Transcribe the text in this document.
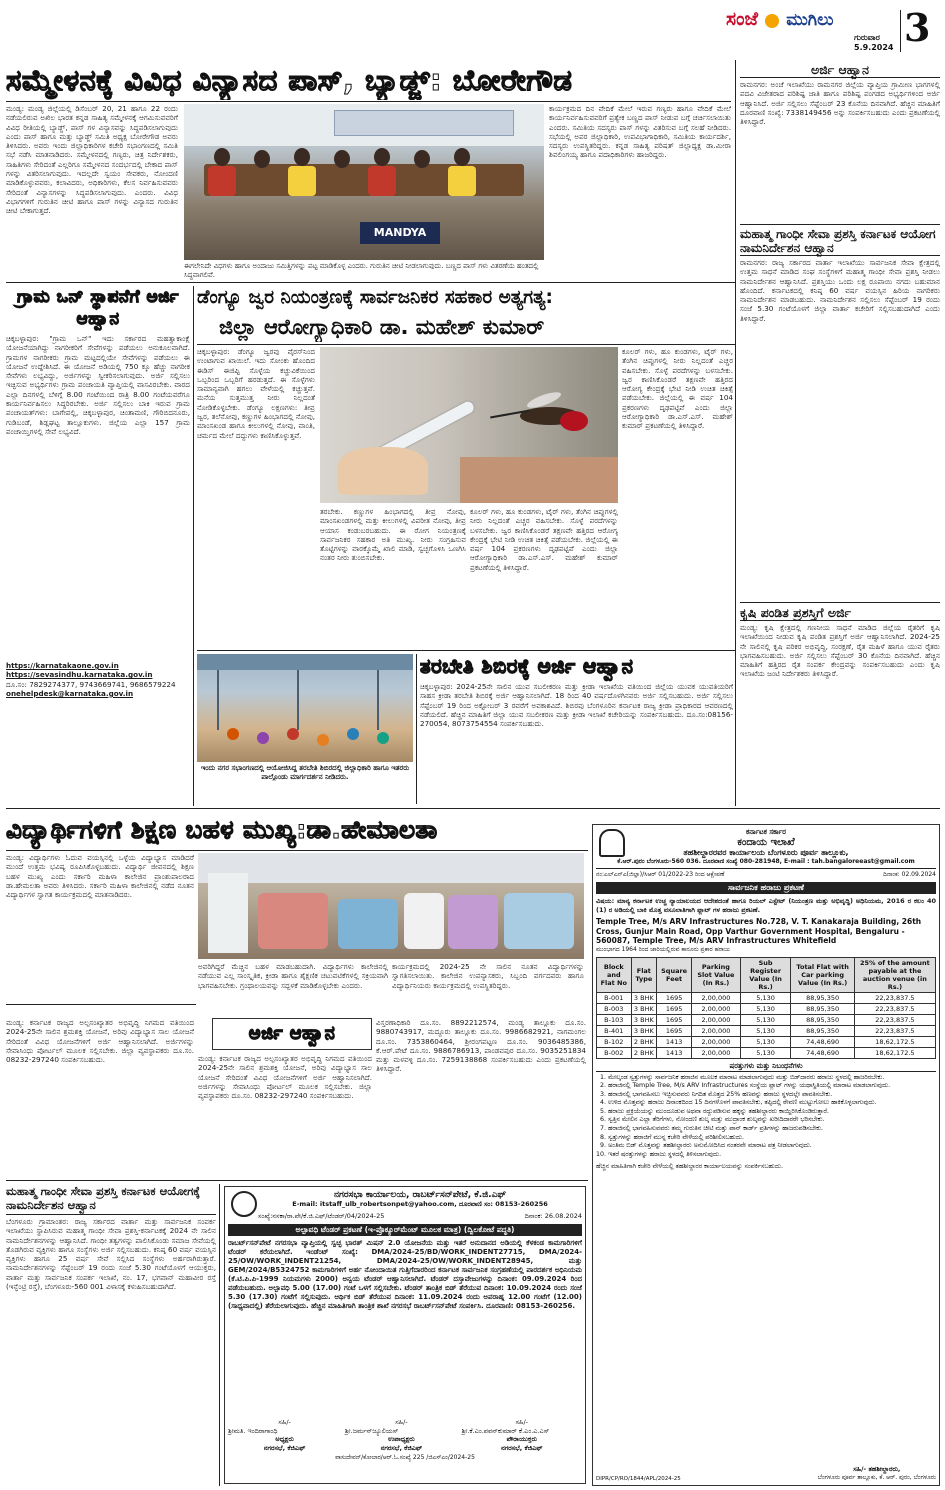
ಸಂಜೆ ಮುಗಿಲು
ಗುರುವಾರ
5.9.2024 3
ಸಮ್ಮೇಳನಕ್ಕೆ ವಿವಿಧ ವಿನ್ಯಾಸದ ಪಾಸ್, ಬ್ಯಾಡ್ಜ್: ಬೋರೇಗೌಡ

ಮಂಡ್ಯ: ಮಂಡ್ಯ ಜಿಲ್ಲೆಯಲ್ಲಿ ಡಿಸೆಂಬರ್ 20, 21 ಹಾಗೂ 22 ರಂದು ನಡೆಯಲಿರುವ ಅಖಿಲ ಭಾರತ ಕನ್ನಡ ಸಾಹಿತ್ಯ ಸಮ್ಮೇಳನಕ್ಕೆ ಆಗಮಿಸುವವರಿಗೆ ವಿವಿಧ ರೀತಿಯಲ್ಲಿ ಬ್ಯಾಡ್ಜ್, ಪಾಸ್ ಗಳ ವಿನ್ಯಾಸವನ್ನು ಸಿದ್ಧಪಡಿಸಲಾಗುವುದು ಎಂದು ಪಾಸ್ ಹಾಗೂ ಮತ್ತು ಬ್ಯಾಡ್ಜ್ ಸಮಿತಿ ಅಧ್ಯಕ್ಷ ಬೋರೇಗೌಡ ಅವರು ತಿಳಿಸಿದರು. ಅವರು ಇಂದು ಜಿಲ್ಲಾಧಿಕಾರಿಗಳ ಕಚೇರಿ ಸಭಾಂಗಣದಲ್ಲಿ ಸಮಿತಿ ಸಭೆ ನಡೆಸಿ ಮಾತನಾಡಿದರು. ಸಮ್ಮೇಳನದಲ್ಲಿ ಗಣ್ಯರು, ಚಿತ್ರ ನಿರ್ದೇಶಕರು, ಸಾಹಿತಿಗಳು ಸೇರಿದಂತೆ ಎಲ್ಲರಿಗೂ ಸಮ್ಮೇಳನದ ಸಂದರ್ಭದಲ್ಲಿ ಬೇಕಾದ ಪಾಸ್ ಗಳನ್ನು ವಿತರಿಸಲಾಗುವುದು. ಇದಲ್ಲದೇ ಸ್ವಯಂ ಸೇವಕರು, ನೋಂದಣಿ ಮಾಡಿಕೊಳ್ಳುವವರು, ಕಲಾವಿದರು, ಅಧಿಕಾರಿಗಳು, ಕೆಲಸ ನಿರ್ವಹಿಸುವವರು ಸೇರಿದಂತೆ ವಿನ್ಯಾಸಗಳನ್ನು ಸಿದ್ಧಪಡಿಸಲಾಗುವುದು. ಎಂದರು. ವಿವಿಧ ವಿಭಾಗಗಳಿಗೆ ಗುರುತಿನ ಚೀಟಿ ಹಾಗೂ ಪಾಸ್ ಗಳನ್ನು ವಿನ್ಯಾಸದ ಗುರುತಿನ ಚೀಟಿ ಬೇಕಾಗುತ್ತದೆ.

MANDYA
ಈಗಲೇನಿದೇ ವಿಧಗಳು ಹಾಗೂ ಅಂದಾಜು ಸಮಿತ್ತಿಗಳನ್ನು ಪಟ್ಟ ಮಾಡಿಕೊಳ್ಳ ಎಂದರು. ಗುರುತಿನ ಚೀಟಿ ನೀಡಲಾಗುವುದು. ಬಣ್ಣದ ಪಾಸ್ ಗಳು ವಿತರಣೆಯ ಹಂತದಲ್ಲಿ ಸಿದ್ಧವಾಗಲಿವೆ.

ಕಾರ್ಯಕ್ರಮದ ದಿನ ವೇದಿಕೆ ಮೇಲೆ ಇರುವ ಗಣ್ಯರು ಹಾಗೂ ವೇದಿಕೆ ಮೇಲೆ ಕಾರ್ಯನಿರ್ವಹಿಸುವವರಿಗೆ ಪ್ರತ್ಯೇಕ ಬಣ್ಣದ ಪಾಸ್ ನೀಡುವ ಬಗ್ಗೆ ಚರ್ಚಿಸಲಾಯಿತು ಎಂದರು. ಸಮಿತಿಯ ಸದಸ್ಯರು ಪಾಸ್ ಗಳನ್ನು ವಿತರಿಸುವ ಬಗ್ಗೆ ಸಲಹೆ ನೀಡಿದರು. ಸಭೆಯಲ್ಲಿ ಅಪರ ಜಿಲ್ಲಾಧಿಕಾರಿ, ಉಪವಿಭಾಗಾಧಿಕಾರಿ, ಸಮಿತಿಯ ಕಾರ್ಯದರ್ಶಿ, ಸದಸ್ಯರು ಉಪಸ್ಥಿತರಿದ್ದರು. ಕನ್ನಡ ಸಾಹಿತ್ಯ ಪರಿಷತ್ ಜಿಲ್ಲಾಧ್ಯಕ್ಷ ಡಾ.ಮೀರಾ ಶಿವಲಿಂಗಯ್ಯ ಹಾಗೂ ಪದಾಧಿಕಾರಿಗಳು ಹಾಜರಿದ್ದರು.

ಅರ್ಜಿ ಆಹ್ವಾನ
ರಾಮನಗರ: ಅಂಚೆ ಇಲಾಖೆಯು ರಾಮನಗರ ಜಿಲ್ಲೆಯ ವ್ಯಾಪ್ತಿಯ ಗ್ರಾಮೀಣ ಭಾಗಗಳಲ್ಲಿ ಪದವಿ ವಿಜೇತರಾದ ಪರಿಶಿಷ್ಟ ಜಾತಿ ಹಾಗೂ ಪರಿಶಿಷ್ಟ ಪಂಗಡದ ಅಭ್ಯರ್ಥಿಗಳಿಂದ ಅರ್ಜಿ ಆಹ್ವಾನಿಸಿದೆ. ಅರ್ಜಿ ಸಲ್ಲಿಸಲು ಸೆಪ್ಟೆಂಬರ್ 23 ಕೊನೆಯ ದಿನವಾಗಿದೆ. ಹೆಚ್ಚಿನ ಮಾಹಿತಿಗೆ ದೂರವಾಣಿ ಸಂಖ್ಯೆ: 7338149456 ಅನ್ನು ಸಂಪರ್ಕಿಸಬಹುದು ಎಂದು ಪ್ರಕಟಣೆಯಲ್ಲಿ ತಿಳಿಸಿದ್ದಾರೆ.
ಮಹಾತ್ಮ ಗಾಂಧೀ ಸೇವಾ ಪ್ರಶಸ್ತಿ ಕರ್ನಾಟಕ ಆಯೋಗ ನಾಮನಿರ್ದೇಶನ ಆಹ್ವಾನ
ರಾಮನಗರ: ರಾಜ್ಯ ಸರ್ಕಾರದ ವಾರ್ತಾ ಇಲಾಖೆಯು ಸಾರ್ವಜನಿಕ ಸೇವಾ ಕ್ಷೇತ್ರದಲ್ಲಿ ಉತ್ತಮ ಸಾಧನೆ ಮಾಡಿದ ಸಂಘ ಸಂಸ್ಥೆಗಳಿಗೆ ಮಹಾತ್ಮ ಗಾಂಧೀ ಸೇವಾ ಪ್ರಶಸ್ತಿ ನೀಡಲು ನಾಮನಿರ್ದೇಶನ ಆಹ್ವಾನಿಸಿದೆ. ಪ್ರಶಸ್ತಿಯು ಒಂದು ಲಕ್ಷ ರೂಪಾಯಿ ನಗದು ಬಹುಮಾನ ಹೊಂದಿದೆ. ಕರ್ನಾಟಕದಲ್ಲಿ ಕನಿಷ್ಠ 60 ವರ್ಷ ವಯಸ್ಸಿನ ಹಿರಿಯ ನಾಗರಿಕರು ನಾಮನಿರ್ದೇಶನ ಮಾಡಬಹುದು. ನಾಮನಿರ್ದೇಶನ ಸಲ್ಲಿಸಲು ಸೆಪ್ಟೆಂಬರ್ 19 ರಂದು ಸಂಜೆ 5.30 ಗಂಟೆಯೊಳಗೆ ಜಿಲ್ಲಾ ವಾರ್ತಾ ಕಚೇರಿಗೆ ಸಲ್ಲಿಸಬಹುದಾಗಿದೆ ಎಂದು ತಿಳಿಸಿದ್ದಾರೆ.
ಕೃಷಿ ಪಂಡಿತ ಪ್ರಶಸ್ತಿಗೆ ಅರ್ಜಿ
ಮಂಡ್ಯ: ಕೃಷಿ ಕ್ಷೇತ್ರದಲ್ಲಿ ಗಣನೀಯ ಸಾಧನೆ ಮಾಡಿದ ಜಿಲ್ಲೆಯ ರೈತರಿಗೆ ಕೃಷಿ ಇಲಾಖೆಯಿಂದ ನೀಡುವ ಕೃಷಿ ಪಂಡಿತ ಪ್ರಶಸ್ತಿಗೆ ಅರ್ಜಿ ಆಹ್ವಾನಿಸಲಾಗಿದೆ. 2024-25 ನೇ ಸಾಲಿನಲ್ಲಿ ಕೃಷಿ ಪರಿಕರ ಅಭಿವೃದ್ಧಿ, ಸಂರಕ್ಷಣೆ, ರೈತ ಮಹಿಳೆ ಹಾಗೂ ಯುವ ರೈತರು ಭಾಗವಹಿಸಬಹುದು. ಅರ್ಜಿ ಸಲ್ಲಿಸಲು ಸೆಪ್ಟೆಂಬರ್ 30 ಕೊನೆಯ ದಿನವಾಗಿದೆ. ಹೆಚ್ಚಿನ ಮಾಹಿತಿಗೆ ಹತ್ತಿರದ ರೈತ ಸಂಪರ್ಕ ಕೇಂದ್ರವನ್ನು ಸಂಪರ್ಕಿಸಬಹುದು ಎಂದು ಕೃಷಿ ಇಲಾಖೆಯ ಜಂಟಿ ನಿರ್ದೇಶಕರು ತಿಳಿಸಿದ್ದಾರೆ.
ಗ್ರಾಮ ಒನ್ ಸ್ಥಾಪನೆಗೆ ಅರ್ಜಿ ಆಹ್ವಾನ
ಚಿಕ್ಕಬಳ್ಳಾಪುರ: "ಗ್ರಾಮ ಒನ್" ಇದು ಸರ್ಕಾರದ ಮಹತ್ವಾಕಾಂಕ್ಷೆ ಯೋಜನೆಯಾಗಿದ್ದು ನಾಗರೀಕರಿಗೆ ಸೇವೆಗಳನ್ನು ಪಡೆಯಲು ಅನುಕೂಲವಾಗಿದೆ. ಗ್ರಾಮಗಳ ನಾಗರೀಕರು ಗ್ರಾಮ ಮಟ್ಟದಲ್ಲಿಯೇ ಸೇವೆಗಳನ್ನು ಪಡೆಯಲು ಈ ಯೋಜನೆ ಉದ್ದೇಶಿಸಿದೆ. ಈ ಯೋಜನೆ ಅಡಿಯಲ್ಲಿ 750 ಕ್ಕೂ ಹೆಚ್ಚು ನಾಗರೀಕ ಸೇವೆಗಳು ಲಭ್ಯವಿದ್ದು, ಅರ್ಜಿಗಳನ್ನು ಸ್ವೀಕರಿಸಲಾಗುವುದು. ಅರ್ಜಿ ಸಲ್ಲಿಸಲು ಇಚ್ಛಿಸುವ ಅಭ್ಯರ್ಥಿಗಳು ಗ್ರಾಮ ಪಂಚಾಯತಿ ವ್ಯಾಪ್ತಿಯಲ್ಲಿ ವಾಸವಿರಬೇಕು. ವಾರದ ಎಲ್ಲಾ ದಿನಗಳಲ್ಲಿ ಬೆಳಿಗ್ಗೆ 8.00 ಗಂಟೆಯಿಂದ ರಾತ್ರಿ 8.00 ಗಂಟೆಯವರೆಗೂ ಕಾರ್ಯನಿರ್ವಹಿಸಲು ಸಿದ್ಧರಿರಬೇಕು. ಅರ್ಜಿ ಸಲ್ಲಿಸಲು ಬಾಕಿ ಇರುವ ಗ್ರಾಮ ಪಂಚಾಯತ್‌ಗಳು: ಬಾಗೇಪಲ್ಲಿ, ಚಿಕ್ಕಬಳ್ಳಾಪುರ, ಚಿಂತಾಮಣಿ, ಗೌರಿಬಿದನೂರು, ಗುಡಿಬಂಡೆ, ಶಿಡ್ಲಘಟ್ಟ ತಾಲ್ಲೂಕುಗಳು. ಜಿಲ್ಲೆಯ ಎಲ್ಲಾ 157 ಗ್ರಾಮ ಪಂಚಾಯ್ತಿಗಳಲ್ಲಿ ಸೇವೆ ಲಭ್ಯವಿದೆ.
https://karnatakaone.gov.in
https://sevasindhu.karnataka.gov.in
ದೂ.ಸಂ: 7829274377, 9743669741, 9686579224
onehelpdesk@karnataka.gov.in
ಡೆಂಗ್ಯೂ ಜ್ವರ ನಿಯಂತ್ರಣಕ್ಕೆ ಸಾರ್ವಜನಿಕರ ಸಹಕಾರ ಅತ್ಯಗತ್ಯ:
ಜಿಲ್ಲಾ ಆರೋಗ್ಯಾಧಿಕಾರಿ ಡಾ. ಮಹೇಶ್ ಕುಮಾರ್

ಚಿಕ್ಕಬಳ್ಳಾಪುರ: ಡೆಂಗ್ಯೂ ಜ್ವರವು ವೈರಸ್‌ನಿಂದ ಉಂಟಾಗುವ ಖಾಯಿಲೆ. ಇದು ಸೋಂಕು ಹೊಂದಿದ ಈಡಿಸ್ ಈಜಿಪ್ಟಿ ಸೊಳ್ಳೆಯ ಕಚ್ಚುವಿಕೆಯಿಂದ ಒಬ್ಬರಿಂದ ಒಬ್ಬರಿಗೆ ಹರಡುತ್ತದೆ. ಈ ಸೊಳ್ಳೆಗಳು ಸಾಮಾನ್ಯವಾಗಿ ಹಗಲು ವೇಳೆಯಲ್ಲಿ ಕಚ್ಚುತ್ತವೆ. ಮನೆಯ ಸುತ್ತಮುತ್ತ ನೀರು ನಿಲ್ಲದಂತೆ ನೋಡಿಕೊಳ್ಳಬೇಕು. ಡೆಂಗ್ಯೂ ಲಕ್ಷಣಗಳು: ತೀವ್ರ ಜ್ವರ, ತಲೆನೋವು, ಕಣ್ಣುಗಳ ಹಿಂಭಾಗದಲ್ಲಿ ನೋವು, ಮಾಂಸಖಂಡ ಹಾಗೂ ಕೀಲುಗಳಲ್ಲಿ ನೋವು, ವಾಂತಿ, ಚರ್ಮದ ಮೇಲೆ ದದ್ದುಗಳು ಕಾಣಿಸಿಕೊಳ್ಳುತ್ತವೆ.

ತರಬೇಕು. ಕಣ್ಣುಗಳ ಹಿಂಭಾಗದಲ್ಲಿ ತೀವ್ರ ನೋವು, ಮಾಂಸಖಂಡಗಳಲ್ಲಿ ಮತ್ತು ಕೀಲುಗಳಲ್ಲಿ ವಿಪರೀತ ನೋವು, ತೀವ್ರ ಆಯಾಸ ಕಂಡುಬರಬಹುದು. ಈ ರೋಗ ನಿಯಂತ್ರಣಕ್ಕೆ ಸಾರ್ವಜನಿಕರ ಸಹಕಾರ ಅತಿ ಮುಖ್ಯ. ನೀರು ಸಂಗ್ರಹಿಸುವ ತೊಟ್ಟಿಗಳನ್ನು ವಾರಕ್ಕೊಮ್ಮೆ ಖಾಲಿ ಮಾಡಿ, ಸ್ವಚ್ಛಗೊಳಿಸಿ ಒಣಗಿಸಿ ನಂತರ ನೀರು ತುಂಬಿಸಬೇಕು.

ಕೂಲರ್ ಗಳು, ಹೂ ಕುಂಡಗಳು, ಟೈರ್ ಗಳು, ತೆಂಗಿನ ಚಿಪ್ಪುಗಳಲ್ಲಿ ನೀರು ನಿಲ್ಲದಂತೆ ಎಚ್ಚರ ವಹಿಸಬೇಕು. ಸೊಳ್ಳೆ ಪರದೆಗಳನ್ನು ಬಳಸಬೇಕು. ಜ್ವರ ಕಾಣಿಸಿಕೊಂಡರೆ ತಕ್ಷಣವೇ ಹತ್ತಿರದ ಆರೋಗ್ಯ ಕೇಂದ್ರಕ್ಕೆ ಭೇಟಿ ನೀಡಿ ಉಚಿತ ಚಿಕಿತ್ಸೆ ಪಡೆಯಬೇಕು. ಜಿಲ್ಲೆಯಲ್ಲಿ ಈ ವರ್ಷ 104 ಪ್ರಕರಣಗಳು ದೃಢಪಟ್ಟಿವೆ ಎಂದು ಜಿಲ್ಲಾ ಆರೋಗ್ಯಾಧಿಕಾರಿ ಡಾ.ಎಸ್.ಎಸ್. ಮಹೇಶ್ ಕುಮಾರ್ ಪ್ರಕಟಣೆಯಲ್ಲಿ ತಿಳಿಸಿದ್ದಾರೆ.

ಕೂಲರ್ ಗಳು, ಹೂ ಕುಂಡಗಳು, ಟೈರ್ ಗಳು, ತೆಂಗಿನ ಚಿಪ್ಪುಗಳಲ್ಲಿ ನೀರು ನಿಲ್ಲದಂತೆ ಎಚ್ಚರ ವಹಿಸಬೇಕು. ಸೊಳ್ಳೆ ಪರದೆಗಳನ್ನು ಬಳಸಬೇಕು. ಜ್ವರ ಕಾಣಿಸಿಕೊಂಡರೆ ತಕ್ಷಣವೇ ಹತ್ತಿರದ ಆರೋಗ್ಯ ಕೇಂದ್ರಕ್ಕೆ ಭೇಟಿ ನೀಡಿ ಉಚಿತ ಚಿಕಿತ್ಸೆ ಪಡೆಯಬೇಕು. ಜಿಲ್ಲೆಯಲ್ಲಿ ಈ ವರ್ಷ 104 ಪ್ರಕರಣಗಳು ದೃಢಪಟ್ಟಿವೆ ಎಂದು ಜಿಲ್ಲಾ ಆರೋಗ್ಯಾಧಿಕಾರಿ ಡಾ.ಎಸ್.ಎಸ್. ಮಹೇಶ್ ಕುಮಾರ್ ಪ್ರಕಟಣೆಯಲ್ಲಿ ತಿಳಿಸಿದ್ದಾರೆ.

ಇಂದು ನಗರ ಸಭಾಂಗಣದಲ್ಲಿ ಆಯೋಜಿಸಿದ್ದ ತರಬೇತಿ ಶಿಬಿರದಲ್ಲಿ ಜಿಲ್ಲಾಧಿಕಾರಿ ಹಾಗೂ ಇತರರು ಪಾಲ್ಗೊಂಡು ಮಾರ್ಗದರ್ಶನ ನೀಡಿದರು.
ತರಬೇತಿ ಶಿಬಿರಕ್ಕೆ ಅರ್ಜಿ ಆಹ್ವಾನ
ಚಿಕ್ಕಬಳ್ಳಾಪುರ: 2024-25ನೇ ಸಾಲಿನ ಯುವ ಸಬಲೀಕರಣ ಮತ್ತು ಕ್ರೀಡಾ ಇಲಾಖೆಯ ವತಿಯಿಂದ ಜಿಲ್ಲೆಯ ಯುವಕ ಯುವತಿಯರಿಗೆ ಸಾಹಸ ಕ್ರೀಡಾ ತರಬೇತಿ ಶಿಬಿರಕ್ಕೆ ಅರ್ಜಿ ಆಹ್ವಾನಿಸಲಾಗಿದೆ. 18 ರಿಂದ 40 ವರ್ಷದೊಳಗಿನವರು ಅರ್ಜಿ ಸಲ್ಲಿಸಬಹುದು. ಅರ್ಜಿ ಸಲ್ಲಿಸಲು ಸೆಪ್ಟೆಂಬರ್ 19 ರಿಂದ ಅಕ್ಟೋಬರ್ 3 ರವರೆಗೆ ಅವಕಾಶವಿದೆ. ಶಿಬಿರವು ಬೆಂಗಳೂರಿನ ಕರ್ನಾಟಕ ರಾಜ್ಯ ಕ್ರೀಡಾ ಪ್ರಾಧಿಕಾರದ ಆವರಣದಲ್ಲಿ ನಡೆಯಲಿದೆ. ಹೆಚ್ಚಿನ ಮಾಹಿತಿಗೆ ಜಿಲ್ಲಾ ಯುವ ಸಬಲೀಕರಣ ಮತ್ತು ಕ್ರೀಡಾ ಇಲಾಖೆ ಕಚೇರಿಯನ್ನು ಸಂಪರ್ಕಿಸಬಹುದು. ದೂ.ಸಂ:08156-270054, 8073754554 ಸಂಪರ್ಕಿಸಬಹುದು.
ವಿದ್ಯಾರ್ಥಿಗಳಿಗೆ ಶಿಕ್ಷಣ ಬಹಳ ಮುಖ್ಯ:ಡಾ.ಹೇಮಾಲತಾ

ಮಂಡ್ಯ: ವಿದ್ಯಾರ್ಥಿಗಳು ಓದುವ ವಯಸ್ಸಿನಲ್ಲಿ ಒಳ್ಳೆಯ ವಿದ್ಯಾಭ್ಯಾಸ ಮಾಡಿದರೆ ಮುಂದೆ ಉತ್ತಮ ಭವಿಷ್ಯ ರೂಪಿಸಿಕೊಳ್ಳಬಹುದು. ವಿದ್ಯಾರ್ಥಿ ಜೀವನದಲ್ಲಿ ಶಿಕ್ಷಣ ಬಹಳ ಮುಖ್ಯ ಎಂದು ಸರ್ಕಾರಿ ಮಹಿಳಾ ಕಾಲೇಜಿನ ಪ್ರಾಂಶುಪಾಲರಾದ ಡಾ.ಹೇಮಲತಾ ಅವರು ತಿಳಿಸಿದರು. ಸರ್ಕಾರಿ ಮಹಿಳಾ ಕಾಲೇಜಿನಲ್ಲಿ ನಡೆದ ನೂತನ ವಿದ್ಯಾರ್ಥಿಗಳ ಸ್ವಾಗತ ಕಾರ್ಯಕ್ರಮದಲ್ಲಿ ಮಾತನಾಡಿದರು.

ಅವರಿಗಿದ್ದರೆ ಮೆಚ್ಚಿನ ಬಹಳ ಮಾಡಬಹುದಾಗಿ. ವಿದ್ಯಾರ್ಥಿಗಳು ಕಾಲೇಜಿನಲ್ಲಿ ನಡೆಯುವ ಎಲ್ಲ ಸಾಂಸ್ಕೃತಿಕ, ಕ್ರೀಡಾ ಹಾಗೂ ಶೈಕ್ಷಣಿಕ ಚಟುವಟಿಕೆಗಳಲ್ಲಿ ಸಕ್ರಿಯವಾಗಿ ಭಾಗವಹಿಸಬೇಕು. ಗ್ರಂಥಾಲಯವನ್ನು ಸದ್ಬಳಕೆ ಮಾಡಿಕೊಳ್ಳಬೇಕು ಎಂದರು.

ಕಾರ್ಯಕ್ರಮದಲ್ಲಿ 2024-25 ನೇ ಸಾಲಿನ ನೂತನ ವಿದ್ಯಾರ್ಥಿಗಳನ್ನು ಸ್ವಾಗತಿಸಲಾಯಿತು. ಕಾಲೇಜಿನ ಉಪನ್ಯಾಸಕರು, ಸಿಬ್ಬಂದಿ ವರ್ಗದವರು ಹಾಗೂ ವಿದ್ಯಾರ್ಥಿನಿಯರು ಕಾರ್ಯಕ್ರಮದಲ್ಲಿ ಉಪಸ್ಥಿತರಿದ್ದರು.

ಮಂಡ್ಯ: ಕರ್ನಾಟಕ ರಾಜ್ಯದ ಅಲ್ಪಸಂಖ್ಯಾತರ ಅಭಿವೃದ್ಧಿ ನಿಗಮದ ವತಿಯಿಂದ 2024-25ನೇ ಸಾಲಿನ ಶ್ರಮಶಕ್ತಿ ಯೋಜನೆ, ಅರಿವು ವಿದ್ಯಾಭ್ಯಾಸ ಸಾಲ ಯೋಜನೆ ಸೇರಿದಂತೆ ವಿವಿಧ ಯೋಜನೆಗಳಿಗೆ ಅರ್ಜಿ ಆಹ್ವಾನಿಸಲಾಗಿದೆ. ಅರ್ಜಿಗಳನ್ನು ಸೇವಾಸಿಂಧು ಪೋರ್ಟಲ್ ಮೂಲಕ ಸಲ್ಲಿಸಬೇಕು. ಜಿಲ್ಲಾ ವ್ಯವಸ್ಥಾಪಕರು ದೂ.ಸಂ. 08232-297240 ಸಂಪರ್ಕಿಸಬಹುದು.

ಅರ್ಜಿ ಆಹ್ವಾನ

ವಿಸ್ತರಣಾಧಿಕಾರಿ ದೂ.ಸಂ. 8892212574, ಮಂಡ್ಯ ತಾಲ್ಲೂಕು ದೂ.ಸಂ. 9880743917, ಮದ್ದೂರು ತಾಲ್ಲೂಕು ದೂ.ಸಂ. 9986682921, ನಾಗಮಂಗಲ ದೂ.ಸಂ. 7353860464, ಶ್ರೀರಂಗಪಟ್ಟಣ ದೂ.ಸಂ. 9036485386, ಕೆ.ಆರ್.ಪೇಟೆ ದೂ.ಸಂ. 9886786913, ಪಾಂಡವಪುರ ದೂ.ಸಂ. 9035251834 ಮತ್ತು ಮಳವಳ್ಳಿ ದೂ.ಸಂ. 7259138868 ಸಂಪರ್ಕಿಸಬಹುದು ಎಂದು ಪ್ರಕಟಣೆಯಲ್ಲಿ ತಿಳಿಸಿದ್ದಾರೆ.

ಮಂಡ್ಯ: ಕರ್ನಾಟಕ ರಾಜ್ಯದ ಅಲ್ಪಸಂಖ್ಯಾತರ ಅಭಿವೃದ್ಧಿ ನಿಗಮದ ವತಿಯಿಂದ 2024-25ನೇ ಸಾಲಿನ ಶ್ರಮಶಕ್ತಿ ಯೋಜನೆ, ಅರಿವು ವಿದ್ಯಾಭ್ಯಾಸ ಸಾಲ ಯೋಜನೆ ಸೇರಿದಂತೆ ವಿವಿಧ ಯೋಜನೆಗಳಿಗೆ ಅರ್ಜಿ ಆಹ್ವಾನಿಸಲಾಗಿದೆ. ಅರ್ಜಿಗಳನ್ನು ಸೇವಾಸಿಂಧು ಪೋರ್ಟಲ್ ಮೂಲಕ ಸಲ್ಲಿಸಬೇಕು. ಜಿಲ್ಲಾ ವ್ಯವಸ್ಥಾಪಕರು ದೂ.ಸಂ. 08232-297240 ಸಂಪರ್ಕಿಸಬಹುದು.

ಮಹಾತ್ಮ ಗಾಂಧೀ ಸೇವಾ ಪ್ರಶಸ್ತಿ ಕರ್ನಾಟಕ ಆಯೋಗಕ್ಕೆ ನಾಮನಿರ್ದೇಶನ ಆಹ್ವಾನ
ಬೆಂಗಳೂರು ಗ್ರಾಮಾಂತರ: ರಾಜ್ಯ ಸರ್ಕಾರದ ವಾರ್ತಾ ಮತ್ತು ಸಾರ್ವಜನಿಕ ಸಂಪರ್ಕ ಇಲಾಖೆಯು ಸ್ಥಾಪಿಸಿರುವ ಮಹಾತ್ಮ ಗಾಂಧೀ ಸೇವಾ ಪ್ರಶಸ್ತಿ-ಕರ್ನಾಟಕಕ್ಕೆ 2024 ನೇ ಸಾಲಿನ ನಾಮನಿರ್ದೇಶನಗಳನ್ನು ಆಹ್ವಾನಿಸಿದೆ. ಗಾಂಧೀ ತತ್ವಗಳನ್ನು ಪಾಲಿಸಿಕೊಂಡು ಸಮಾಜ ಸೇವೆಯಲ್ಲಿ ತೊಡಗಿರುವ ವ್ಯಕ್ತಿಗಳು ಹಾಗೂ ಸಂಸ್ಥೆಗಳು ಅರ್ಜಿ ಸಲ್ಲಿಸಬಹುದು. ಕನಿಷ್ಠ 60 ವರ್ಷ ವಯಸ್ಸಿನ ವ್ಯಕ್ತಿಗಳು ಹಾಗೂ 25 ವರ್ಷ ಸೇವೆ ಸಲ್ಲಿಸಿದ ಸಂಸ್ಥೆಗಳು ಅರ್ಹರಾಗಿರುತ್ತಾರೆ. ನಾಮನಿರ್ದೇಶನಗಳನ್ನು ಸೆಪ್ಟೆಂಬರ್ 19 ರಂದು ಸಂಜೆ 5.30 ಗಂಟೆಯೊಳಗೆ ಆಯುಕ್ತರು, ವಾರ್ತಾ ಮತ್ತು ಸಾರ್ವಜನಿಕ ಸಂಪರ್ಕ ಇಲಾಖೆ, ನಂ. 17, ಭಗವಾನ್ ಮಹಾವೀರ ರಸ್ತೆ (ಇನ್ಫೆಂಟ್ರಿ ರಸ್ತೆ), ಬೆಂಗಳೂರು-560 001 ವಿಳಾಸಕ್ಕೆ ಕಳುಹಿಸಬಹುದಾಗಿದೆ.
ನಗರಸಭಾ ಕಾರ್ಯಾಲಯ, ರಾಬರ್ಟ್‌ಸನ್‌ಪೇಟೆ, ಕೆ.ಜಿ.ಎಫ್
E-mail: itstaff_ulb_robertsonpet@yahoo.com, ದೂರವಾಣಿ ಸಂ: 08153-260256
ಸಂಖ್ಯೆ:ನಸಕಾ/ರಾ.ಪೇ/ಕೆ.ಜಿ.ಎಫ್/ಟೆಂಡರ್/04/2024-25	ದಿನಾಂಕ: 26.08.2024
ಅಲ್ಪಾವಧಿ ಟೆಂಡರ್ ಪ್ರಕಟಣೆ (ಇ-ಪ್ರೊಕ್ಯೂರ್‌ಮೆಂಟ್ ಮೂಲಕ ಮಾತ್ರ) (ದ್ವಿಲಕೋಟೆ ಪದ್ಧತಿ)
ರಾಬರ್ಟ್‌ಸನ್‌ಪೇಟೆ ನಗರಸಭಾ ವ್ಯಾಪ್ತಿಯಲ್ಲಿ ಸ್ವಚ್ಛ ಭಾರತ್ ಮಿಷನ್ 2.0 ಯೋಜನೆಯ ಮತ್ತು ಇತರೆ ಅನುದಾನದ ಅಡಿಯಲ್ಲಿ ಕೆಳಕಂಡ ಕಾಮಗಾರಿಗಳಿಗೆ ಟೆಂಡರ್ ಕರೆಯಲಾಗಿದೆ. ಇಂಡೆಂಟ್ ಸಂಖ್ಯೆ: DMA/2024-25/BD/WORK_INDENT27715, DMA/2024-25/OW/WORK_INDENT21254, DMA/2024-25/OW/WORK_INDENT28945, ಮತ್ತು GEM/2024/B5324752 ಕಾಮಗಾರಿಗಳಿಗೆ ಅರ್ಹ ನೋಂದಾಯಿತ ಗುತ್ತಿಗೆದಾರರಿಂದ ಕರ್ನಾಟಕ ಸಾರ್ವಜನಿಕ ಸಂಗ್ರಹಣೆಯಲ್ಲಿ ಪಾರದರ್ಶಕ ಅಧಿನಿಯಮ (ಕೆ.ಟಿ.ಪಿ.ಪಿ-1999 ನಿಯಮಗಳು 2000) ಅನ್ವಯ ಟೆಂಡರ್ ಆಹ್ವಾನಿಸಲಾಗಿದೆ. ಟೆಂಡರ್ ದಸ್ತಾವೇಜುಗಳನ್ನು ದಿನಾಂಕ: 09.09.2024 ರಿಂದ ಪಡೆಯಬಹುದು. ಅಲ್ಪಾವಧಿ 5.00 (17.00) ಗಂಟೆ ಒಳಗೆ ಸಲ್ಲಿಸಬೇಕು. ಟೆಂಡರ್ ತಾಂತ್ರಿಕ ಬಿಡ್ ತೆರೆಯುವ ದಿನಾಂಕ: 10.09.2024 ರಂದು ಸಂಜೆ 5.30 (17.30) ಗಂಟೆಗೆ ಸಲ್ಲಿಸುವುದು. ಆರ್ಥಿಕ ಬಿಡ್ ತೆರೆಯುವ ದಿನಾಂಕ: 11.09.2024 ರಂದು ಅಪರಾಹ್ನ 12.00 ಗಂಟೆಗೆ (12.00) (ಸಾಧ್ಯವಾದಲ್ಲಿ) ತೆರೆಯಲಾಗುವುದು. ಹೆಚ್ಚಿನ ಮಾಹಿತಿಗಾಗಿ ತಾಂತ್ರಿಕ ಶಾಖೆ ನಗರಸಭೆ ರಾಬರ್ಟ್‌ಸನ್‌ಪೇಟೆ ಸಂಪರ್ಕಿಸಿ. ದೂರವಾಣಿ: 08153-260256.
ಸಹಿ/-
ಶ್ರೀಮತಿ. ಇಂದಿರಾಗಾಂಧಿ
ಅಧ್ಯಕ್ಷರು
ನಗರಸಭೆ, ಕೆಜಿಎಫ್
ಸಹಿ/-
ಶ್ರೀ.ಜರ್ಮನ್‌ಜ್ಯೂಲಿಯಸ್
ಉಪಾಧ್ಯಕ್ಷರು
ನಗರಸಭೆ, ಕೆಜಿಎಫ್
ಸಹಿ/-
ಶ್ರೀ.ಕೆ.ಎಂ.ಪವನ್‌ಕುಮಾರ್ ಕೆ.ಎಂ.ಎ.ಎಸ್
ಪೌರಾಯುಕ್ತರು
ನಗರಸಭೆ, ಕೆಜಿಎಫ್
ವಾಸುದೇವನ್/ಕೋಲಾರ/ಆರ್.ಓ.ಸಂಖ್ಯೆ 225 /ಜಿಎಸ್‌ಎಂ/2024-25
ಕರ್ನಾಟಕ ಸರ್ಕಾರ
ಕಂದಾಯ ಇಲಾಖೆ
ತಹಶೀಲ್ದಾರರವರ ಕಾರ್ಯಾಲಯ ಬೆಂಗಳೂರು ಪೂರ್ವ ತಾಲ್ಲೂಕು,
ಕೆ.ಆರ್.ಪುರಂ ಬೆಂಗಳೂರು-560 036. ದೂರವಾಣಿ ಸಂಖ್ಯೆ 080-281948, E-mail : tah.bangaloreeast@gmail.com
ನಂ:ಎಲ್ಎನ್ಎ(ಜಿಲ್ಲಾ)/ಸಿಆರ್ 01/2022-23 ರಿಂದ ಆಕ್ಷೇಪಣೆ	ದಿನಾಂಕ: 02.09.2024
ಸಾರ್ವಜನಿಕ ಹರಾಜು ಪ್ರಕಟಣೆ
ವಿಷಯ: ಮಾನ್ಯ ಕರ್ನಾಟಕ ಉಚ್ಚ ನ್ಯಾಯಾಲಯದ ಆದೇಶದಂತೆ ಹಾಗೂ ರಿಯಲ್ ಎಸ್ಟೇಟ್ (ನಿಯಂತ್ರಣ ಮತ್ತು ಅಭಿವೃದ್ಧಿ) ಅಧಿನಿಯಮ, 2016 ರ ಕಲಂ 40 (1) ರ ಅಡಿಯಲ್ಲಿ ಬಾಕಿ ಮೊತ್ತ ವಸೂಲಾತಿಗಾಗಿ ಫ್ಲಾಟ್ ಗಳ ಹರಾಜು ಪ್ರಕಟಣೆ.
Temple Tree, M/s ARV Infrastructures No.728, V. T. Kanakaraja Building, 26th Cross, Gunjur Main Road, Opp Varthur Government Hospital, Bengaluru - 560087, Temple Tree, M/s ARV Infrastructures Whitefield
ಮುಂಭಾಗದ 1964 ರಿಂದ ಜಾರಿಯಲ್ಲಿರುವ ಕಾನೂನು ಪ್ರಕಾರ ಹರಾಜು
Block and Flat No	Flat Type	Square Feet	Parking Slot Value (In Rs.)	Sub Register Value (In Rs.)	Total Flat with Car parking Value (In Rs.)	25% of the amount payable at the auction venue (in Rs.)
B-001	3 BHK	1695	2,00,000	5,130	88,95,350	22,23,837.5
B-003	3 BHK	1695	2,00,000	5,130	88,95,350	22,23,837.5
B-103	3 BHK	1695	2,00,000	5,130	88,95,350	22,23,837.5
B-401	3 BHK	1695	2,00,000	5,130	88,95,350	22,23,837.5
B-102	2 BHK	1413	2,00,000	5,130	74,48,690	18,62,172.5
B-002	2 BHK	1413	2,00,000	5,130	74,48,690	18,62,172.5
ಷರತ್ತುಗಳು ಮತ್ತು ನಿಬಂಧನೆಗಳು
1. ಮೇಲ್ಕಂಡ ಸ್ವತ್ತುಗಳನ್ನು ಸಾರ್ವಜನಿಕ ಹರಾಜಿನ ಮೂಲಕ ಮಾರಾಟ ಮಾಡಲಾಗುವುದು ಮತ್ತು ಬಿಡ್‌ದಾರರು ಹರಾಜು ಸ್ಥಳದಲ್ಲಿ ಹಾಜರಿರಬೇಕು.
2. ಹರಾಜಿನಲ್ಲಿ Temple Tree, M/s ARV Infrastructures ಸಂಸ್ಥೆಯ ಫ್ಲಾಟ್ ಗಳನ್ನು ಯಥಾಸ್ಥಿತಿಯಲ್ಲಿ ಮಾರಾಟ ಮಾಡಲಾಗುವುದು.
3. ಹರಾಜಿನಲ್ಲಿ ಭಾಗವಹಿಸಲು ಇಚ್ಛಿಸುವವರು ನಿಗದಿತ ಮೊತ್ತದ 25% ಹಣವನ್ನು ಹರಾಜು ಸ್ಥಳದಲ್ಲೇ ಪಾವತಿಸಬೇಕು.
4. ಉಳಿದ ಮೊತ್ತವನ್ನು ಹರಾಜು ದಿನಾಂಕದಿಂದ 15 ದಿನಗಳೊಳಗೆ ಪಾವತಿಸಬೇಕು, ತಪ್ಪಿದಲ್ಲಿ ಠೇವಣಿ ಮುಟ್ಟುಗೋಲು ಹಾಕಿಕೊಳ್ಳಲಾಗುವುದು.
5. ಹರಾಜು ಪ್ರಕ್ರಿಯೆಯನ್ನು ಮುಂದೂಡುವ ಅಥವಾ ರದ್ದುಪಡಿಸುವ ಹಕ್ಕನ್ನು ತಹಶೀಲ್ದಾರರು ಕಾಯ್ದಿರಿಸಿಕೊಂಡಿರುತ್ತಾರೆ.
6. ಸ್ವತ್ತಿನ ಮೇಲಿನ ಎಲ್ಲಾ ತೆರಿಗೆಗಳು, ನೋಂದಣಿ ಶುಲ್ಕ ಮತ್ತು ಮುದ್ರಾಂಕ ಶುಲ್ಕವನ್ನು ಖರೀದಿದಾರರೇ ಭರಿಸಬೇಕು.
7. ಹರಾಜಿನಲ್ಲಿ ಭಾಗವಹಿಸುವವರು ತಮ್ಮ ಗುರುತಿನ ಚೀಟಿ ಮತ್ತು ಪಾನ್ ಕಾರ್ಡ್ ಪ್ರತಿಗಳನ್ನು ಹಾಜರುಪಡಿಸಬೇಕು.
8. ಸ್ವತ್ತುಗಳನ್ನು ಹರಾಜಿಗೆ ಮುನ್ನ ಕಚೇರಿ ವೇಳೆಯಲ್ಲಿ ಪರಿಶೀಲಿಸಬಹುದು.
9. ಅಂತಿಮ ಬಿಡ್ ಮೊತ್ತವನ್ನು ತಹಶೀಲ್ದಾರರು ಅನುಮೋದಿಸಿದ ನಂತರವೇ ಮಾರಾಟ ಪತ್ರ ನೀಡಲಾಗುವುದು.
10. ಇತರೆ ಷರತ್ತುಗಳನ್ನು ಹರಾಜು ಸ್ಥಳದಲ್ಲಿ ತಿಳಿಸಲಾಗುವುದು.
ಹೆಚ್ಚಿನ ಮಾಹಿತಿಗಾಗಿ ಕಚೇರಿ ವೇಳೆಯಲ್ಲಿ ತಹಶೀಲ್ದಾರರ ಕಾರ್ಯಾಲಯವನ್ನು ಸಂಪರ್ಕಿಸಬಹುದು.
DIPR/CP/RO/1844/APL/2024-25
ಸಹಿ/- ತಹಶೀಲ್ದಾರರು,
ಬೆಂಗಳೂರು ಪೂರ್ವ ತಾಲ್ಲೂಕು, ಕೆ. ಆರ್. ಪುರಂ, ಬೆಂಗಳೂರು
